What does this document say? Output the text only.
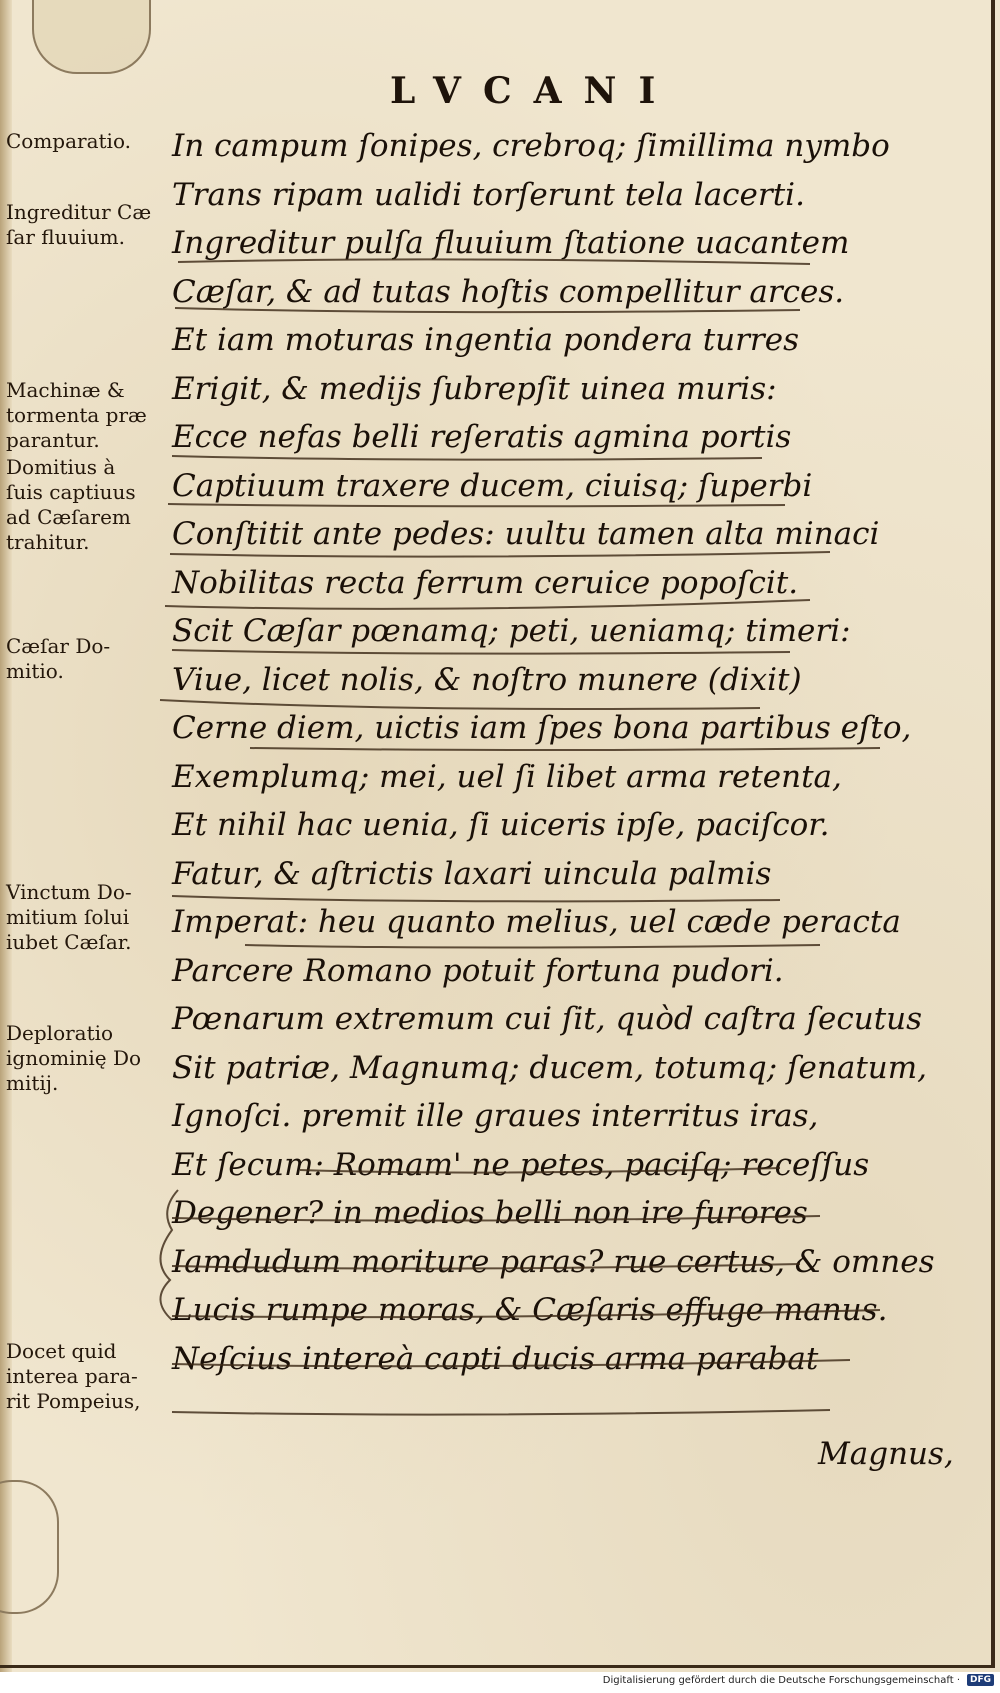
LVCANI
Comparatio.
Ingreditur Cæ
ſar fluuium.
Machinæ &
tormenta præ
parantur.
Domitius à
ſuis captiuus
ad Cæſarem
trahitur.
Cæſar Do-
mitio.
Vinctum Do-
mitium ſolui
iubet Cæſar.
Deploratio
ignominię Do
mitij.
Docet quid
interea para-
rit Pompeius,
In campum ſonipes, crebroq; ſimillima nymbo
Trans ripam ualidi torſerunt tela lacerti.
Ingreditur pulſa fluuium ſtatione uacantem
Cæſar, & ad tutas hoſtis compellitur arces.
Et iam moturas ingentia pondera turres
Erigit, & medijs ſubrepſit uinea muris:
Ecce nefas belli reſeratis agmina portis
Captiuum traxere ducem, ciuisq; ſuperbi
Conſtitit ante pedes: uultu tamen alta minaci
Nobilitas recta ferrum ceruice popoſcit.
Scit Cæſar pœnamq; peti, ueniamq; timeri:
Viue, licet nolis, & noſtro munere (dixit)
Cerne diem, uictis iam ſpes bona partibus eſto,
Exemplumq; mei, uel ſi libet arma retenta,
Et nihil hac uenia, ſi uiceris ipſe, paciſcor.
Fatur, & aſtrictis laxari uincula palmis
Imperat: heu quanto melius, uel cæde peracta
Parcere Romano potuit fortuna pudori.
Pœnarum extremum cui ſit, quòd caſtra ſecutus
Sit patriæ, Magnumq; ducem, totumq; ſenatum,
Ignoſci. premit ille graues interritus iras,
Et ſecum: Romam' ne petes, paciſq; receſſus
Degener? in medios belli non ire furores
Iamdudum moriture paras? rue certus, & omnes
Lucis rumpe moras, & Cæſaris effuge manus.
Neſcius intereà capti ducis arma parabat
Magnus,
Digitalisierung gefördert durch die Deutsche Forschungsgemeinschaft ·	DFG
